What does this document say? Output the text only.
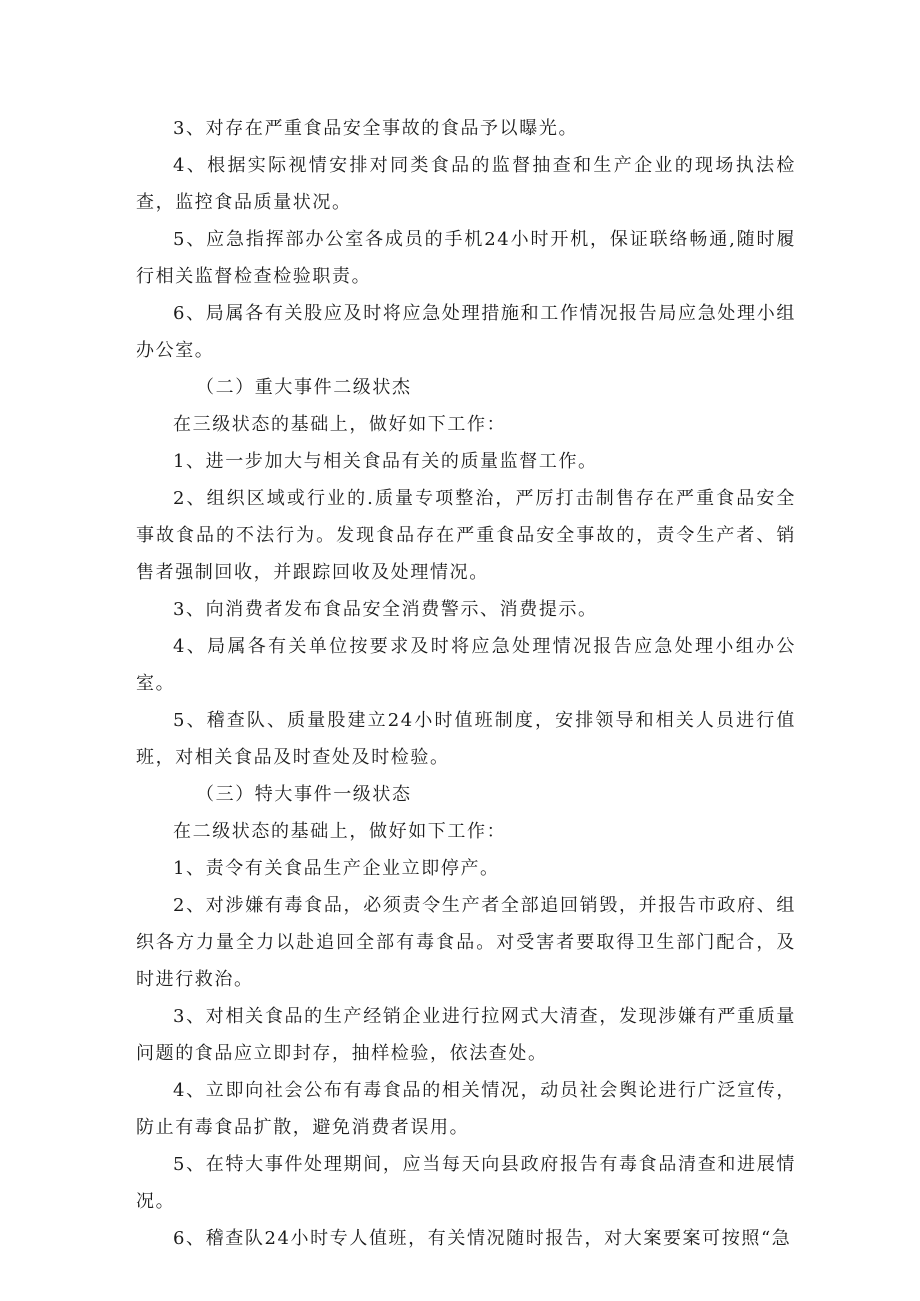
3、对存在严重食品安全事故的食品予以曝光。

4、根据实际视情安排对同类食品的监督抽查和生产企业的现场执法检查，监控食品质量状况。

5、应急指挥部办公室各成员的手机24小时开机，保证联络畅通,随时履行相关监督检查检验职责。

6、局属各有关股应及时将应急处理措施和工作情况报告局应急处理小组办公室。

（二）重大事件二级状杰

在三级状态的基础上，做好如下工作：

1、进一步加大与相关食品有关的质量监督工作。

2、组织区域或行业的.质量专项整治，严厉打击制售存在严重食品安全事故食品的不法行为。发现食品存在严重食品安全事故的，责令生产者、销售者强制回收，并跟踪回收及处理情况。

3、向消费者发布食品安全消费警示、消费提示。

4、局属各有关单位按要求及时将应急处理情况报告应急处理小组办公室。

5、稽查队、质量股建立24小时值班制度，安排领导和相关人员进行值班，对相关食品及时查处及时检验。

（三）特大事件一级状态

在二级状态的基础上，做好如下工作：

1、责令有关食品生产企业立即停产。

2、对涉嫌有毒食品，必须责令生产者全部追回销毁，并报告市政府、组织各方力量全力以赴追回全部有毒食品。对受害者要取得卫生部门配合，及时进行救治。

3、对相关食品的生产经销企业进行拉网式大清查，发现涉嫌有严重质量问题的食品应立即封存，抽样检验，依法查处。

4、立即向社会公布有毒食品的相关情况，动员社会舆论进行广泛宣传，防止有毒食品扩散，避免消费者误用。

5、在特大事件处理期间，应当每天向县政府报告有毒食品清查和进展情况。

6、稽查队24小时专人值班，有关情况随时报告，对大案要案可按照“急
